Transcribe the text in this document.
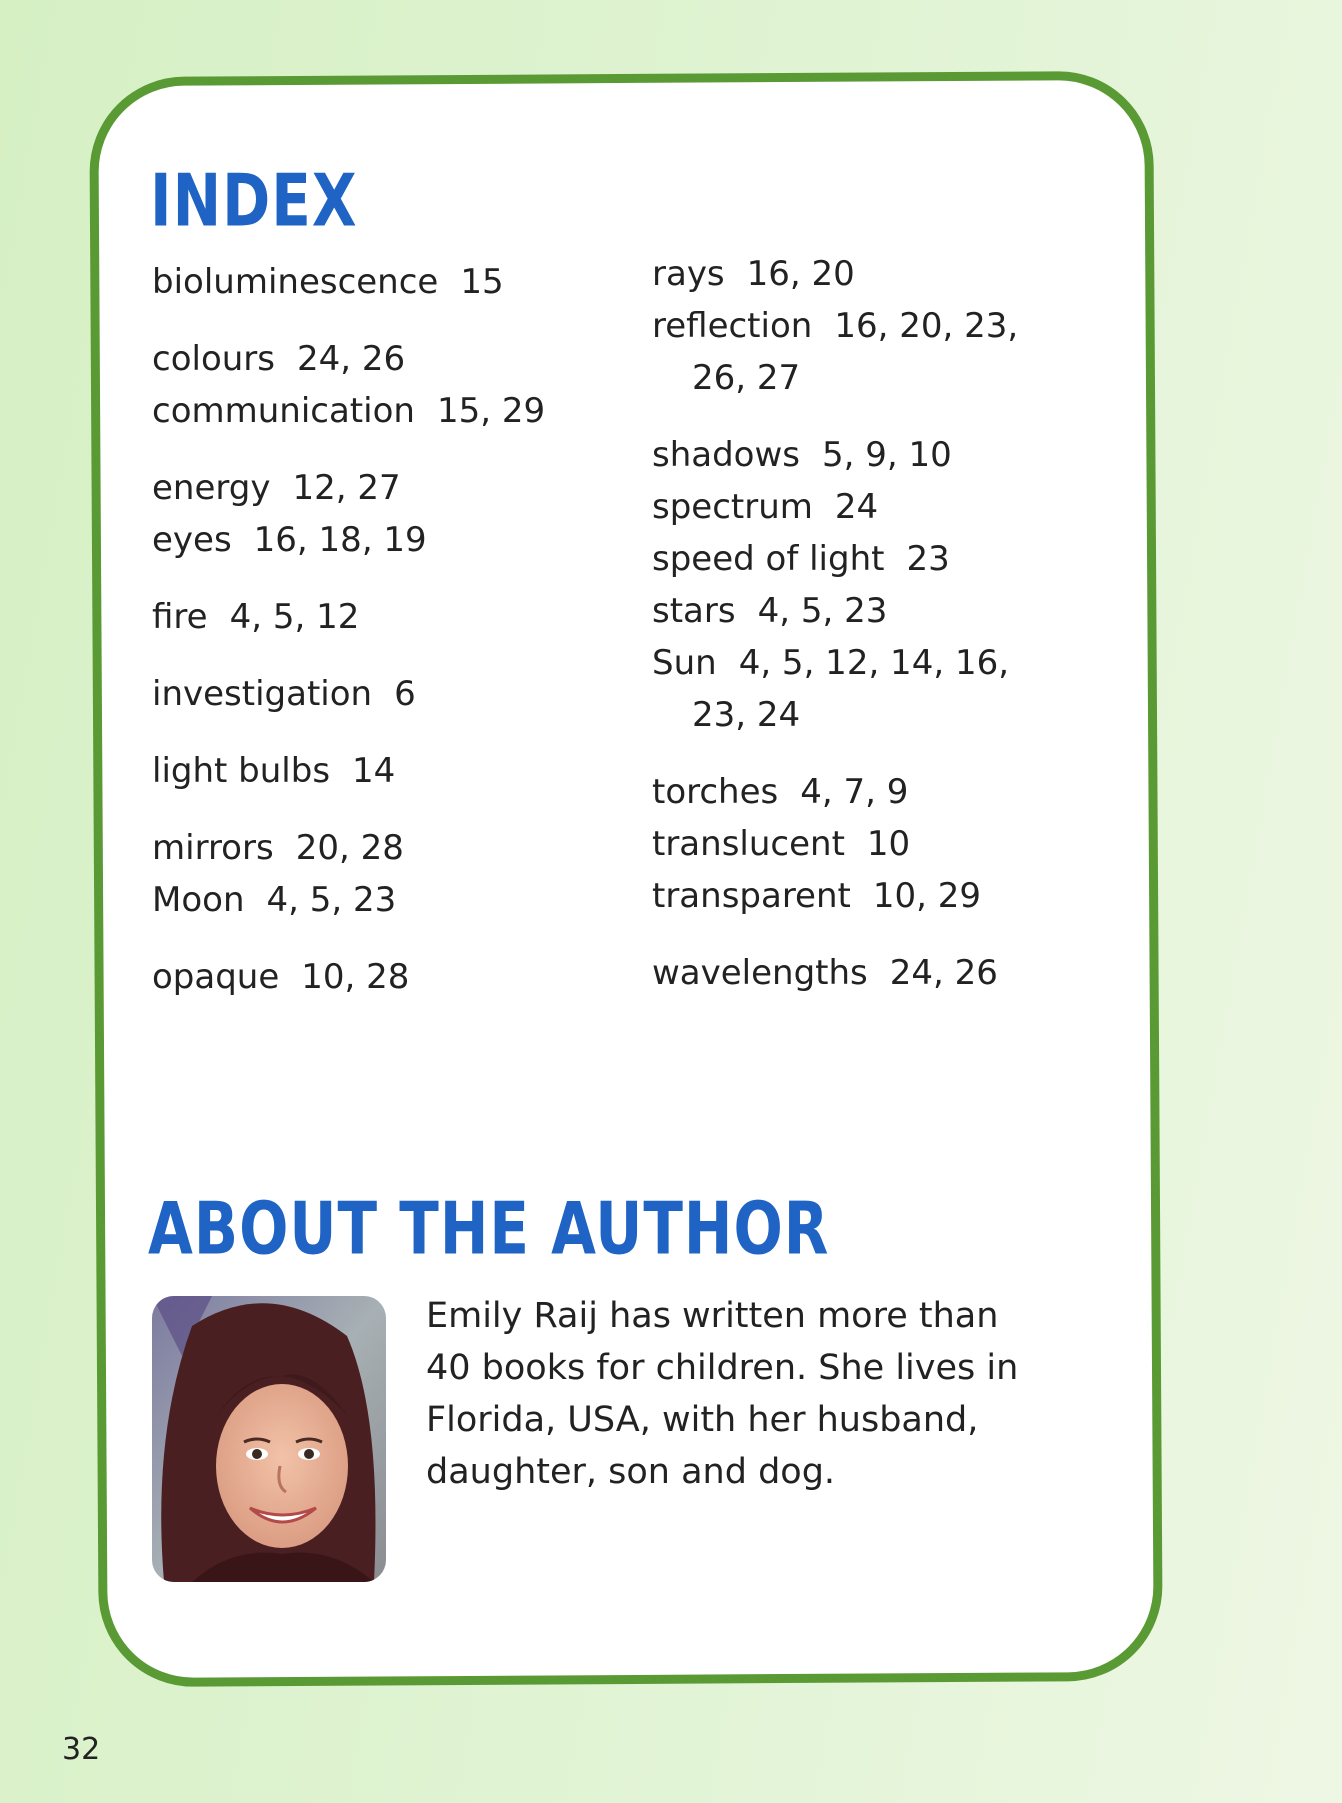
INDEX
bioluminescence 15
colours 24, 26
communication 15, 29
energy 12, 27
eyes 16, 18, 19
fire 4, 5, 12
investigation 6
light bulbs 14
mirrors 20, 28
Moon 4, 5, 23
opaque 10, 28
rays 16, 20
reflection 16, 20, 23,
26, 27
shadows 5, 9, 10
spectrum 24
speed of light 23
stars 4, 5, 23
Sun 4, 5, 12, 14, 16,
23, 24
torches 4, 7, 9
translucent 10
transparent 10, 29
wavelengths 24, 26
ABOUT THE AUTHOR
Emily Raij has written more than
40 books for children. She lives in
Florida, USA, with her husband,
daughter, son and dog.
32
